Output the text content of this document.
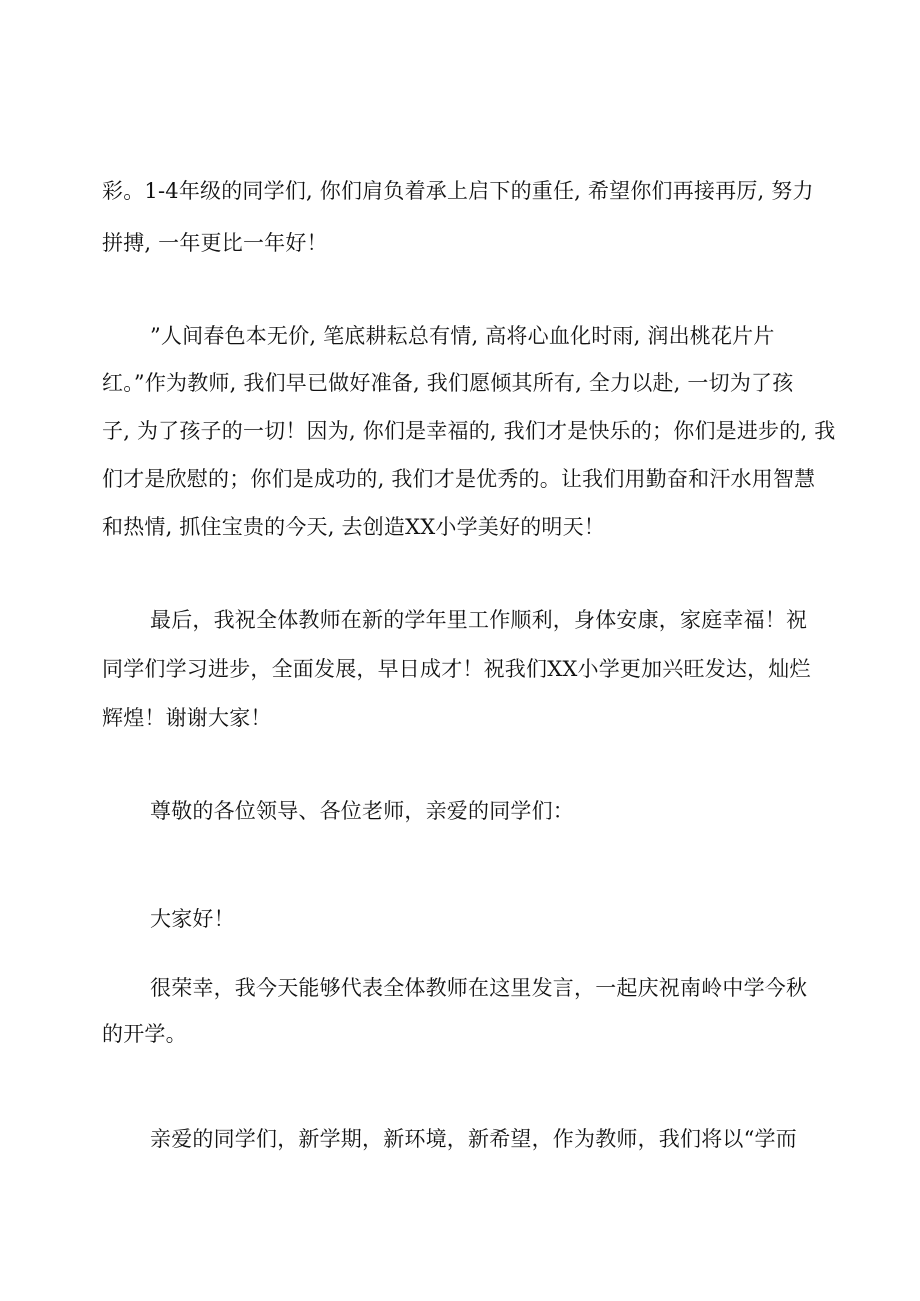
彩。1-4年级的同学们, 你们肩负着承上启下的重任, 希望你们再接再厉, 努力

拼搏, 一年更比一年好！

”人间春色本无价, 笔底耕耘总有情, 高将心血化时雨, 润出桃花片片

红。”作为教师, 我们早已做好准备, 我们愿倾其所有, 全力以赴, 一切为了孩

子, 为了孩子的一切！因为, 你们是幸福的, 我们才是快乐的；你们是进步的, 我

们才是欣慰的；你们是成功的, 我们才是优秀的。让我们用勤奋和汗水用智慧

和热情, 抓住宝贵的今天, 去创造XX小学美好的明天！

最后，我祝全体教师在新的学年里工作顺利，身体安康，家庭幸福！祝

同学们学习进步，全面发展，早日成才！祝我们XX小学更加兴旺发达，灿烂

辉煌！谢谢大家！

尊敬的各位领导、各位老师，亲爱的同学们：

大家好！

很荣幸，我今天能够代表全体教师在这里发言，一起庆祝南岭中学今秋

的开学。

亲爱的同学们，新学期，新环境，新希望，作为教师，我们将以“学而
